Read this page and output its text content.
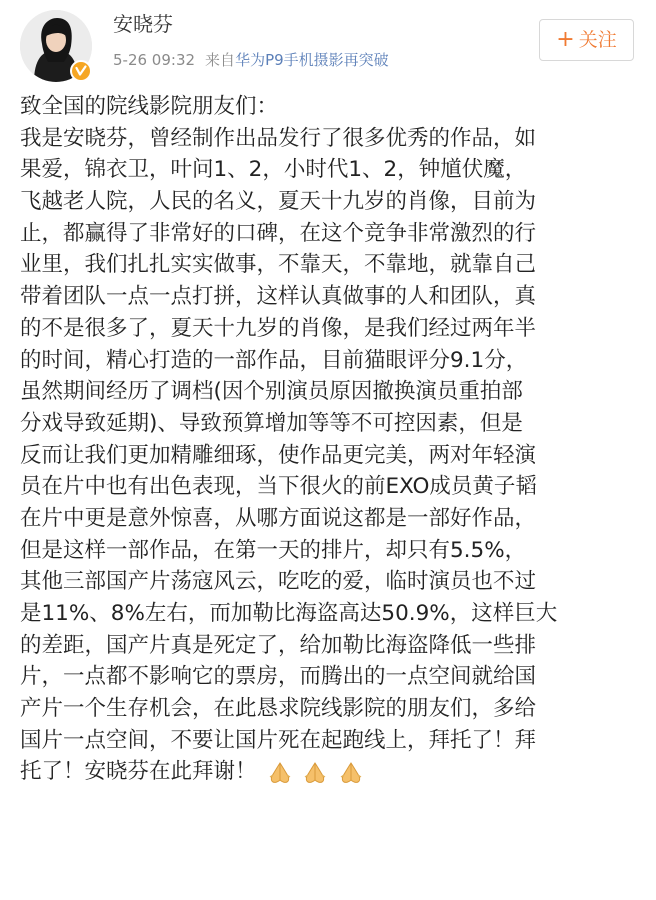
安晓芬
5-26 09:32 来自华为P9手机摄影再突破
+ 关注
致全国的院线影院朋友们：
我是安晓芬，曾经制作出品发行了很多优秀的作品，如
果爱，锦衣卫，叶问1、2，小时代1、2，钟馗伏魔，
飞越老人院，人民的名义，夏天十九岁的肖像，目前为
止，都赢得了非常好的口碑，在这个竞争非常激烈的行
业里，我们扎扎实实做事，不靠天，不靠地，就靠自己
带着团队一点一点打拼，这样认真做事的人和团队，真
的不是很多了，夏天十九岁的肖像，是我们经过两年半
的时间，精心打造的一部作品，目前猫眼评分9.1分，
虽然期间经历了调档(因个别演员原因撤换演员重拍部
分戏导致延期)、导致预算增加等等不可控因素，但是
反而让我们更加精雕细琢，使作品更完美，两对年轻演
员在片中也有出色表现，当下很火的前EXO成员黄子韬
在片中更是意外惊喜，从哪方面说这都是一部好作品，
但是这样一部作品，在第一天的排片，却只有5.5%，
其他三部国产片荡寇风云，吃吃的爱，临时演员也不过
是11%、8%左右，而加勒比海盗高达50.9%，这样巨大
的差距，国产片真是死定了，给加勒比海盗降低一些排
片，一点都不影响它的票房，而腾出的一点空间就给国
产片一个生存机会，在此恳求院线影院的朋友们，多给
国片一点空间，不要让国片死在起跑线上，拜托了！拜
托了！安晓芬在此拜谢！
